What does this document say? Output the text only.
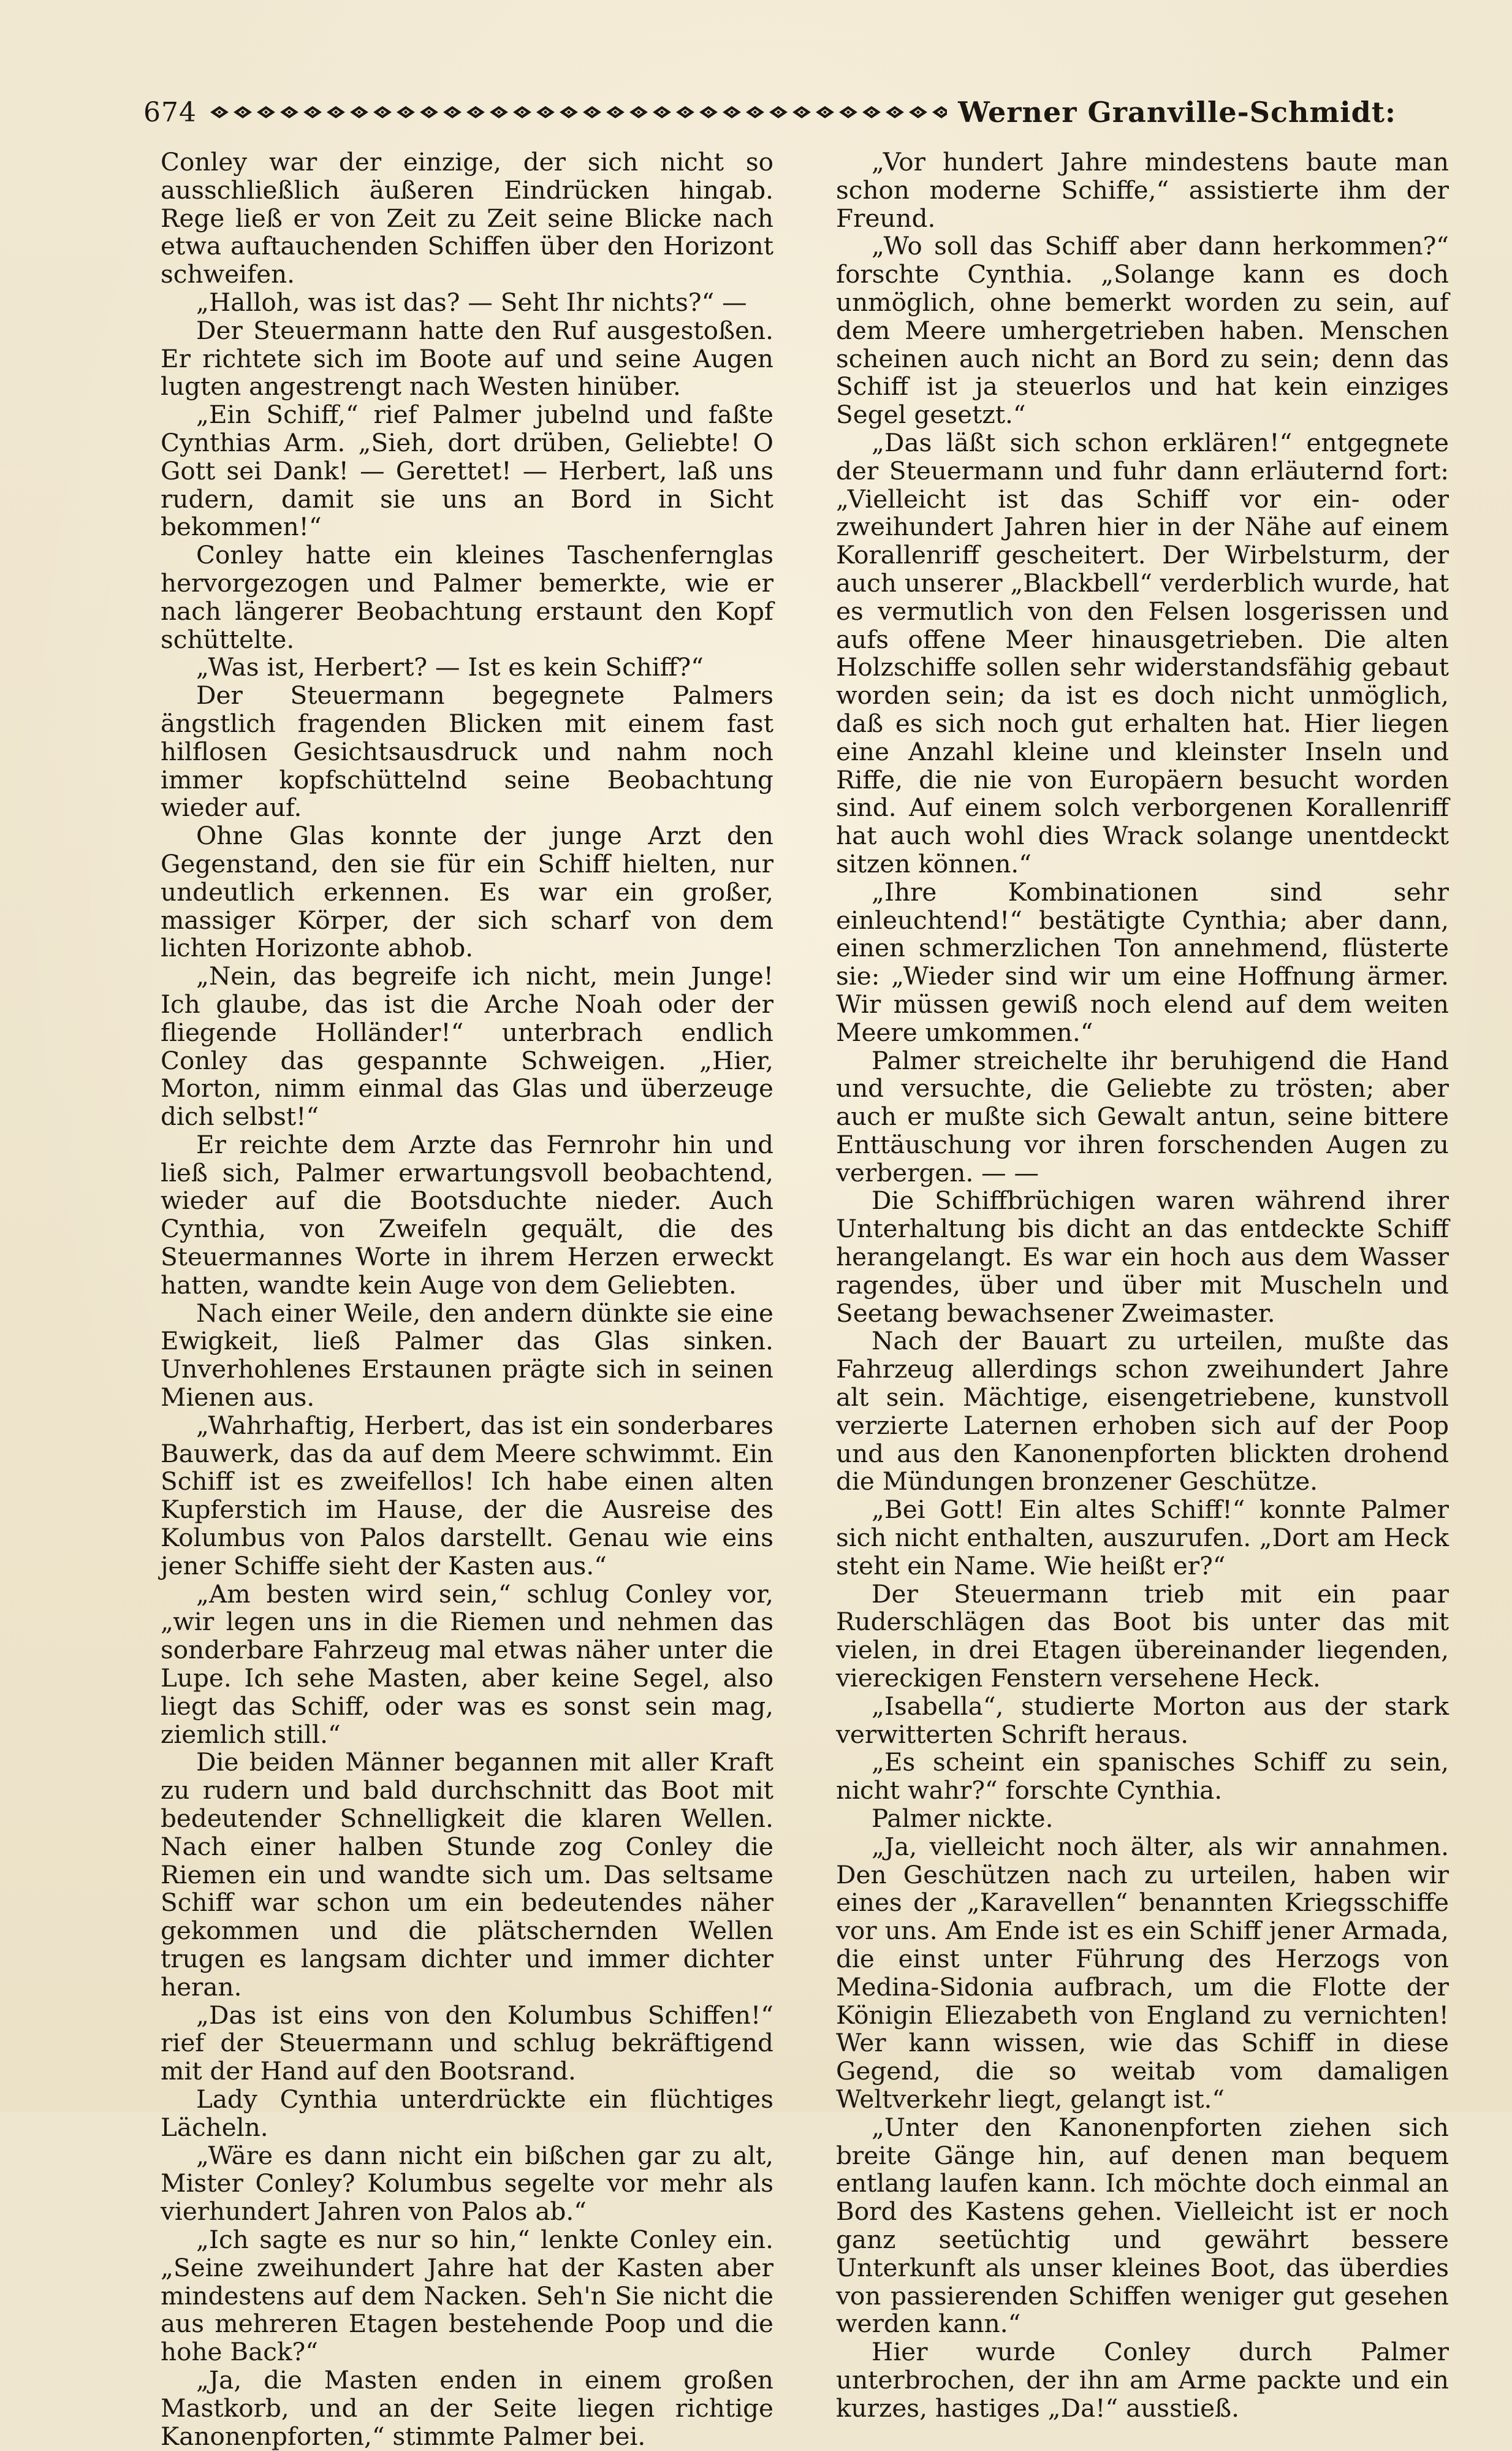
674	Werner Granville-Schmidt:

Conley war der einzige, der sich nicht so ausschließlich äußeren Eindrücken hingab. Rege ließ er von Zeit zu Zeit seine Blicke nach etwa auftauchenden Schiffen über den Horizont schweifen.

„Halloh, was ist das? — Seht Ihr nichts?“ —

Der Steuermann hatte den Ruf ausgestoßen. Er richtete sich im Boote auf und seine Augen lugten angestrengt nach Westen hinüber.

„Ein Schiff,“ rief Palmer jubelnd und faßte Cynthias Arm. „Sieh, dort drüben, Geliebte! O Gott sei Dank! — Gerettet! — Herbert, laß uns rudern, damit sie uns an Bord in Sicht bekommen!“

Conley hatte ein kleines Taschenfernglas hervorgezogen und Palmer bemerkte, wie er nach längerer Beobachtung erstaunt den Kopf schüttelte.

„Was ist, Herbert? — Ist es kein Schiff?“

Der Steuermann begegnete Palmers ängstlich fragenden Blicken mit einem fast hilflosen Gesichtsausdruck und nahm noch immer kopfschüttelnd seine Beobachtung wieder auf.

Ohne Glas konnte der junge Arzt den Gegenstand, den sie für ein Schiff hielten, nur undeutlich erkennen. Es war ein großer, massiger Körper, der sich scharf von dem lichten Horizonte abhob.

„Nein, das begreife ich nicht, mein Junge! Ich glaube, das ist die Arche Noah oder der fliegende Holländer!“ unterbrach endlich Conley das gespannte Schweigen. „Hier, Morton, nimm einmal das Glas und überzeuge dich selbst!“

Er reichte dem Arzte das Fernrohr hin und ließ sich, Palmer erwartungsvoll beobachtend, wieder auf die Bootsduchte nieder. Auch Cynthia, von Zweifeln gequält, die des Steuermannes Worte in ihrem Herzen erweckt hatten, wandte kein Auge von dem Geliebten.

Nach einer Weile, den andern dünkte sie eine Ewigkeit, ließ Palmer das Glas sinken. Unverhohlenes Erstaunen prägte sich in seinen Mienen aus.

„Wahrhaftig, Herbert, das ist ein sonderbares Bauwerk, das da auf dem Meere schwimmt. Ein Schiff ist es zweifellos! Ich habe einen alten Kupferstich im Hause, der die Ausreise des Kolumbus von Palos darstellt. Genau wie eins jener Schiffe sieht der Kasten aus.“

„Am besten wird sein,“ schlug Conley vor, „wir legen uns in die Riemen und nehmen das sonderbare Fahrzeug mal etwas näher unter die Lupe. Ich sehe Masten, aber keine Segel, also liegt das Schiff, oder was es sonst sein mag, ziemlich still.“

Die beiden Männer begannen mit aller Kraft zu rudern und bald durchschnitt das Boot mit bedeutender Schnelligkeit die klaren Wellen. Nach einer halben Stunde zog Conley die Riemen ein und wandte sich um. Das seltsame Schiff war schon um ein bedeutendes näher gekommen und die plätschernden Wellen trugen es langsam dichter und immer dichter heran.

„Das ist eins von den Kolumbus Schiffen!“ rief der Steuermann und schlug bekräftigend mit der Hand auf den Bootsrand.

Lady Cynthia unterdrückte ein flüchtiges Lächeln.

„Wäre es dann nicht ein bißchen gar zu alt, Mister Conley? Kolumbus segelte vor mehr als vierhundert Jahren von Palos ab.“

„Ich sagte es nur so hin,“ lenkte Conley ein. „Seine zweihundert Jahre hat der Kasten aber mindestens auf dem Nacken. Seh'n Sie nicht die aus mehreren Etagen bestehende Poop und die hohe Back?“

„Ja, die Masten enden in einem großen Mastkorb, und an der Seite liegen richtige Kanonenpforten,“ stimmte Palmer bei.

„Vor hundert Jahre mindestens baute man schon moderne Schiffe,“ assistierte ihm der Freund.

„Wo soll das Schiff aber dann herkommen?“ forschte Cynthia. „Solange kann es doch unmöglich, ohne bemerkt worden zu sein, auf dem Meere umhergetrieben haben. Menschen scheinen auch nicht an Bord zu sein; denn das Schiff ist ja steuerlos und hat kein einziges Segel gesetzt.“

„Das läßt sich schon erklären!“ entgegnete der Steuermann und fuhr dann erläuternd fort: „Vielleicht ist das Schiff vor ein- oder zweihundert Jahren hier in der Nähe auf einem Korallenriff gescheitert. Der Wirbelsturm, der auch unserer „Blackbell“ verderblich wurde, hat es vermutlich von den Felsen losgerissen und aufs offene Meer hinausgetrieben. Die alten Holzschiffe sollen sehr widerstandsfähig gebaut worden sein; da ist es doch nicht unmöglich, daß es sich noch gut erhalten hat. Hier liegen eine Anzahl kleine und kleinster Inseln und Riffe, die nie von Europäern besucht worden sind. Auf einem solch verborgenen Korallenriff hat auch wohl dies Wrack solange unentdeckt sitzen können.“

„Ihre Kombinationen sind sehr einleuchtend!“ bestätigte Cynthia; aber dann, einen schmerzlichen Ton annehmend, flüsterte sie: „Wieder sind wir um eine Hoffnung ärmer. Wir müssen gewiß noch elend auf dem weiten Meere umkommen.“

Palmer streichelte ihr beruhigend die Hand und versuchte, die Geliebte zu trösten; aber auch er mußte sich Gewalt antun, seine bittere Enttäuschung vor ihren forschenden Augen zu verbergen. — —

Die Schiffbrüchigen waren während ihrer Unterhaltung bis dicht an das entdeckte Schiff herangelangt. Es war ein hoch aus dem Wasser ragendes, über und über mit Muscheln und Seetang bewachsener Zweimaster.

Nach der Bauart zu urteilen, mußte das Fahrzeug allerdings schon zweihundert Jahre alt sein. Mächtige, eisengetriebene, kunstvoll verzierte Laternen erhoben sich auf der Poop und aus den Kanonenpforten blickten drohend die Mündungen bronzener Geschütze.

„Bei Gott! Ein altes Schiff!“ konnte Palmer sich nicht enthalten, auszurufen. „Dort am Heck steht ein Name. Wie heißt er?“

Der Steuermann trieb mit ein paar Ruderschlägen das Boot bis unter das mit vielen, in drei Etagen übereinander liegenden, viereckigen Fenstern versehene Heck.

„Isabella“, studierte Morton aus der stark verwitterten Schrift heraus.

„Es scheint ein spanisches Schiff zu sein, nicht wahr?“ forschte Cynthia.

Palmer nickte.

„Ja, vielleicht noch älter, als wir annahmen. Den Geschützen nach zu urteilen, haben wir eines der „Karavellen“ benannten Kriegsschiffe vor uns. Am Ende ist es ein Schiff jener Armada, die einst unter Führung des Herzogs von Medina-Sidonia aufbrach, um die Flotte der Königin Eliezabeth von England zu vernichten! Wer kann wissen, wie das Schiff in diese Gegend, die so weitab vom damaligen Weltverkehr liegt, gelangt ist.“

„Unter den Kanonenpforten ziehen sich breite Gänge hin, auf denen man bequem entlang laufen kann. Ich möchte doch einmal an Bord des Kastens gehen. Vielleicht ist er noch ganz seetüchtig und gewährt bessere Unterkunft als unser kleines Boot, das überdies von passierenden Schiffen weniger gut gesehen werden kann.“

Hier wurde Conley durch Palmer unterbrochen, der ihn am Arme packte und ein kurzes, hastiges „Da!“ ausstieß.
